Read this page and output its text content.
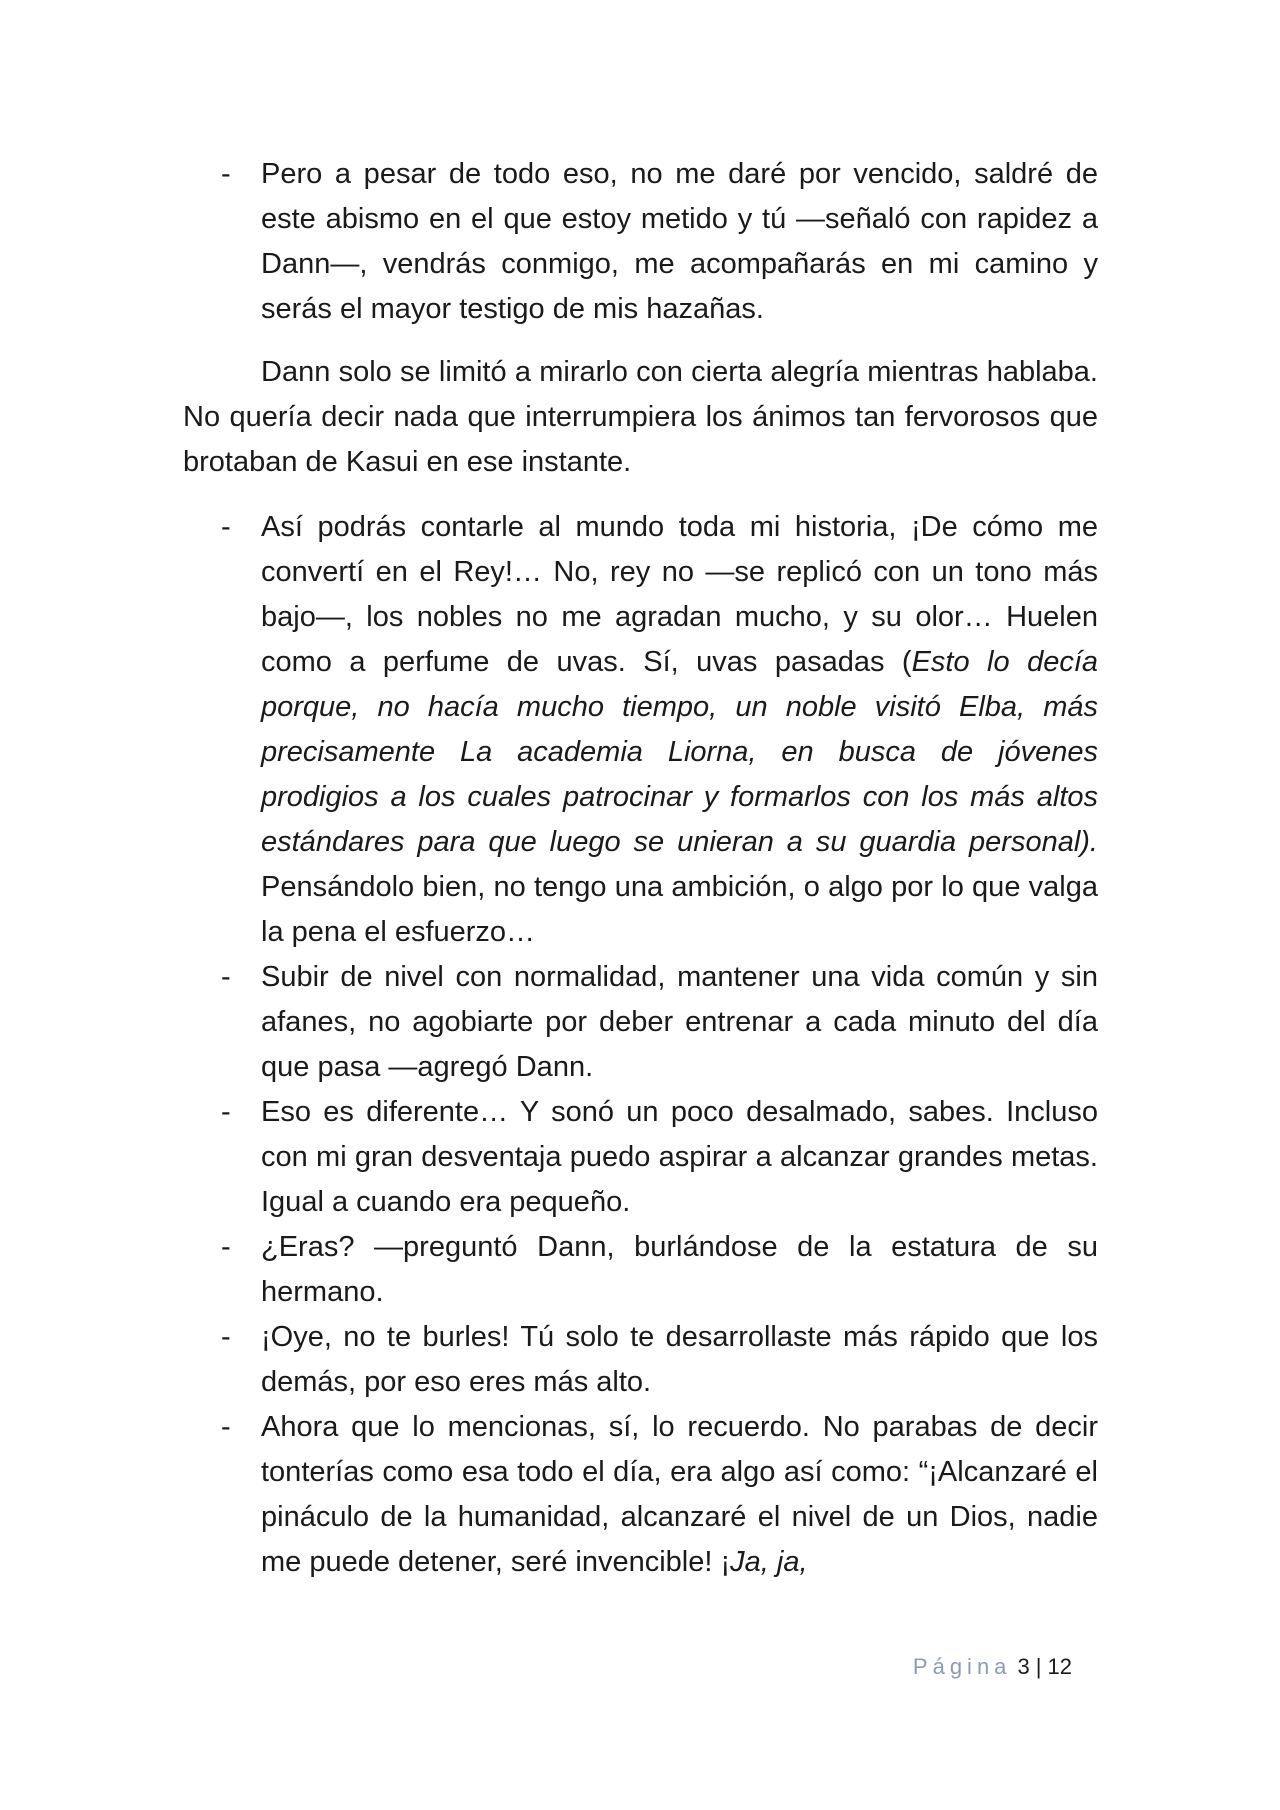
- Pero a pesar de todo eso, no me daré por vencido, saldré de este abismo en el que estoy metido y tú —señaló con rapidez a Dann—, vendrás conmigo, me acompañarás en mi camino y serás el mayor testigo de mis hazañas.

Dann solo se limitó a mirarlo con cierta alegría mientras hablaba. No quería decir nada que interrumpiera los ánimos tan fervorosos que brotaban de Kasui en ese instante.

- Así podrás contarle al mundo toda mi historia, ¡De cómo me convertí en el Rey!… No, rey no —se replicó con un tono más bajo—, los nobles no me agradan mucho, y su olor… Huelen como a perfume de uvas. Sí, uvas pasadas (Esto lo decía porque, no hacía mucho tiempo, un noble visitó Elba, más precisamente La academia Liorna, en busca de jóvenes prodigios a los cuales patrocinar y formarlos con los más altos estándares para que luego se unieran a su guardia personal). Pensándolo bien, no tengo una ambición, o algo por lo que valga la pena el esfuerzo…

- Subir de nivel con normalidad, mantener una vida común y sin afanes, no agobiarte por deber entrenar a cada minuto del día que pasa —agregó Dann.

- Eso es diferente… Y sonó un poco desalmado, sabes. Incluso con mi gran desventaja puedo aspirar a alcanzar grandes metas. Igual a cuando era pequeño.

- ¿Eras? —preguntó Dann, burlándose de la estatura de su hermano.

- ¡Oye, no te burles! Tú solo te desarrollaste más rápido que los demás, por eso eres más alto.

- Ahora que lo mencionas, sí, lo recuerdo. No parabas de decir tonterías como esa todo el día, era algo así como: “¡Alcanzaré el pináculo de la humanidad, alcanzaré el nivel de un Dios, nadie me puede detener, seré invencible! ¡Ja, ja,

Página 3 | 12
